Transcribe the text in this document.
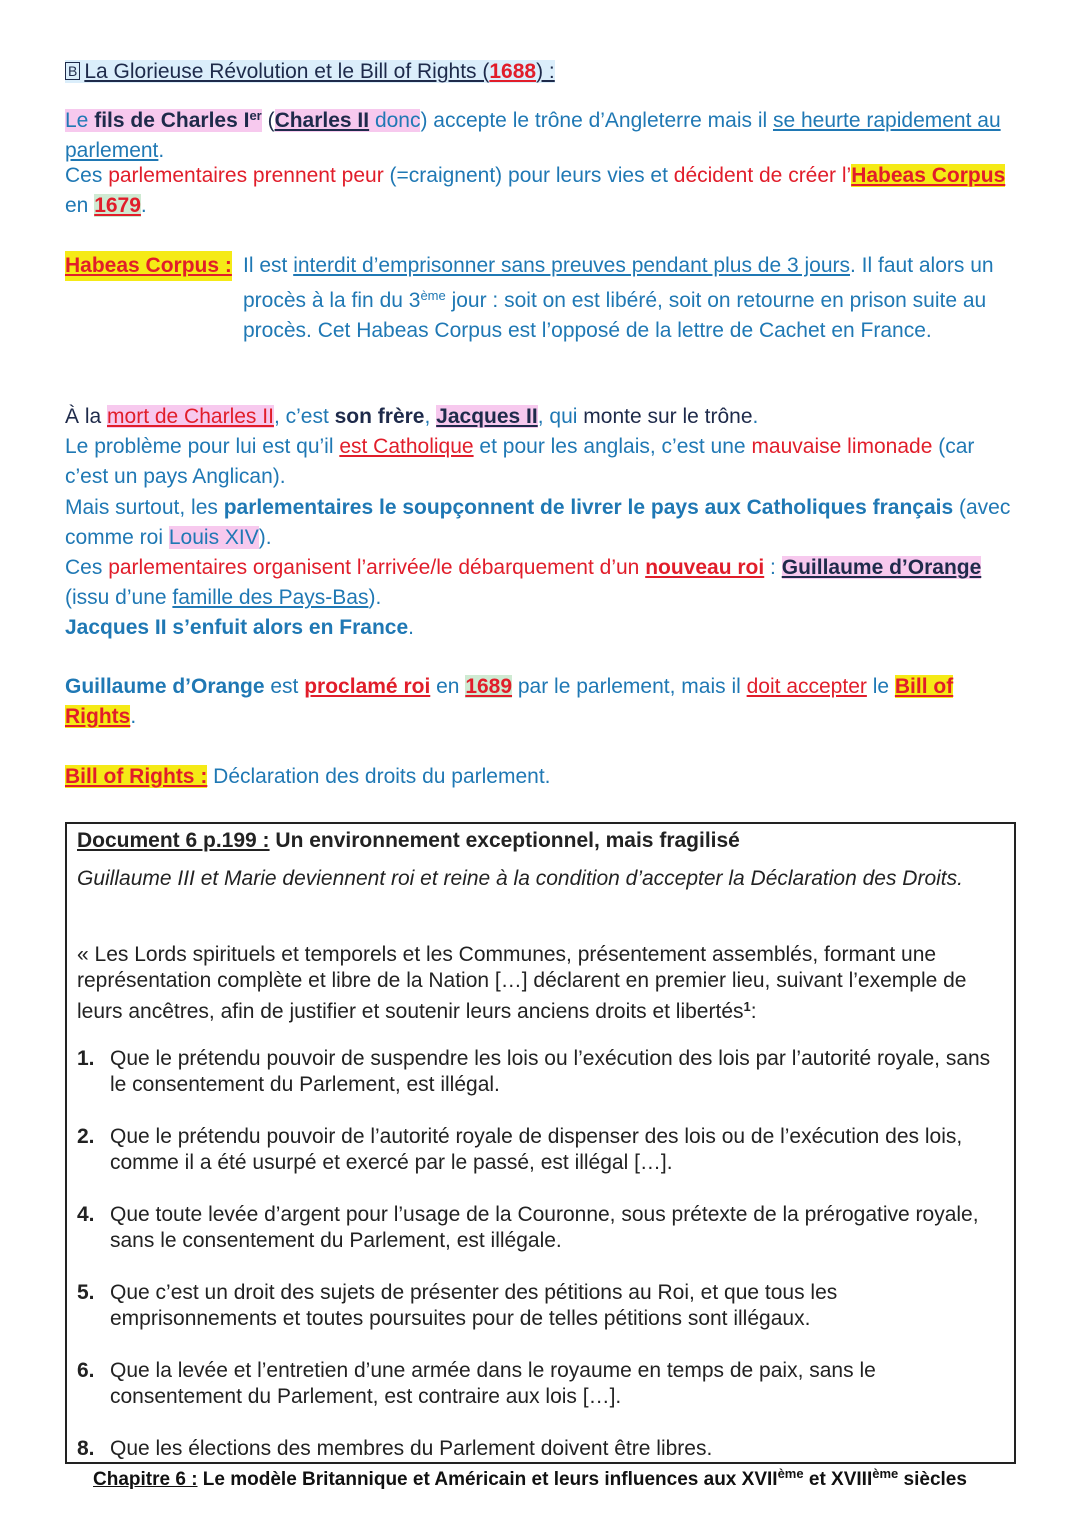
B La Glorieuse Révolution et le Bill of Rights (1688) :
Le fils de Charles Ier (Charles II donc) accepte le trône d’Angleterre mais il se heurte rapidement au parlement.
Ces parlementaires prennent peur (=craignent) pour leurs vies et décident de créer l’Habeas Corpus en 1679.
Habeas Corpus : Il est interdit d’emprisonner sans preuves pendant plus de 3 jours. Il faut alors un procès à la fin du 3ème jour : soit on est libéré, soit on retourne en prison suite au procès. Cet Habeas Corpus est l’opposé de la lettre de Cachet en France.
À la mort de Charles II, c’est son frère, Jacques II, qui monte sur le trône.
Le problème pour lui est qu’il est Catholique et pour les anglais, c’est une mauvaise limonade (car c’est un pays Anglican).
Mais surtout, les parlementaires le soupçonnent de livrer le pays aux Catholiques français (avec comme roi Louis XIV).
Ces parlementaires organisent l’arrivée/le débarquement d’un nouveau roi : Guillaume d’Orange (issu d’une famille des Pays-Bas).
Jacques II s’enfuit alors en France.
Guillaume d’Orange est proclamé roi en 1689 par le parlement, mais il doit accepter le Bill of Rights.
Bill of Rights : Déclaration des droits du parlement.
Document 6 p.199 : Un environnement exceptionnel, mais fragilisé
Guillaume III et Marie deviennent roi et reine à la condition d’accepter la Déclaration des Droits.
« Les Lords spirituels et temporels et les Communes, présentement assemblés, formant une représentation complète et libre de la Nation […] déclarent en premier lieu, suivant l’exemple de leurs ancêtres, afin de justifier et soutenir leurs anciens droits et libertés$^1$:
1. Que le prétendu pouvoir de suspendre les lois ou l’exécution des lois par l’autorité royale, sans le consentement du Parlement, est illégal.
2. Que le prétendu pouvoir de l’autorité royale de dispenser des lois ou de l’exécution des lois, comme il a été usurpé et exercé par le passé, est illégal […].
4. Que toute levée d’argent pour l’usage de la Couronne, sous prétexte de la prérogative royale, sans le consentement du Parlement, est illégale.
5. Que c’est un droit des sujets de présenter des pétitions au Roi, et que tous les emprisonnements et toutes poursuites pour de telles pétitions sont illégaux.
6. Que la levée et l’entretien d’une armée dans le royaume en temps de paix, sans le consentement du Parlement, est contraire aux lois […].
8. Que les élections des membres du Parlement doivent être libres.
Chapitre 6 : Le modèle Britannique et Américain et leurs influences aux XVIIème et XVIIIème siècles
